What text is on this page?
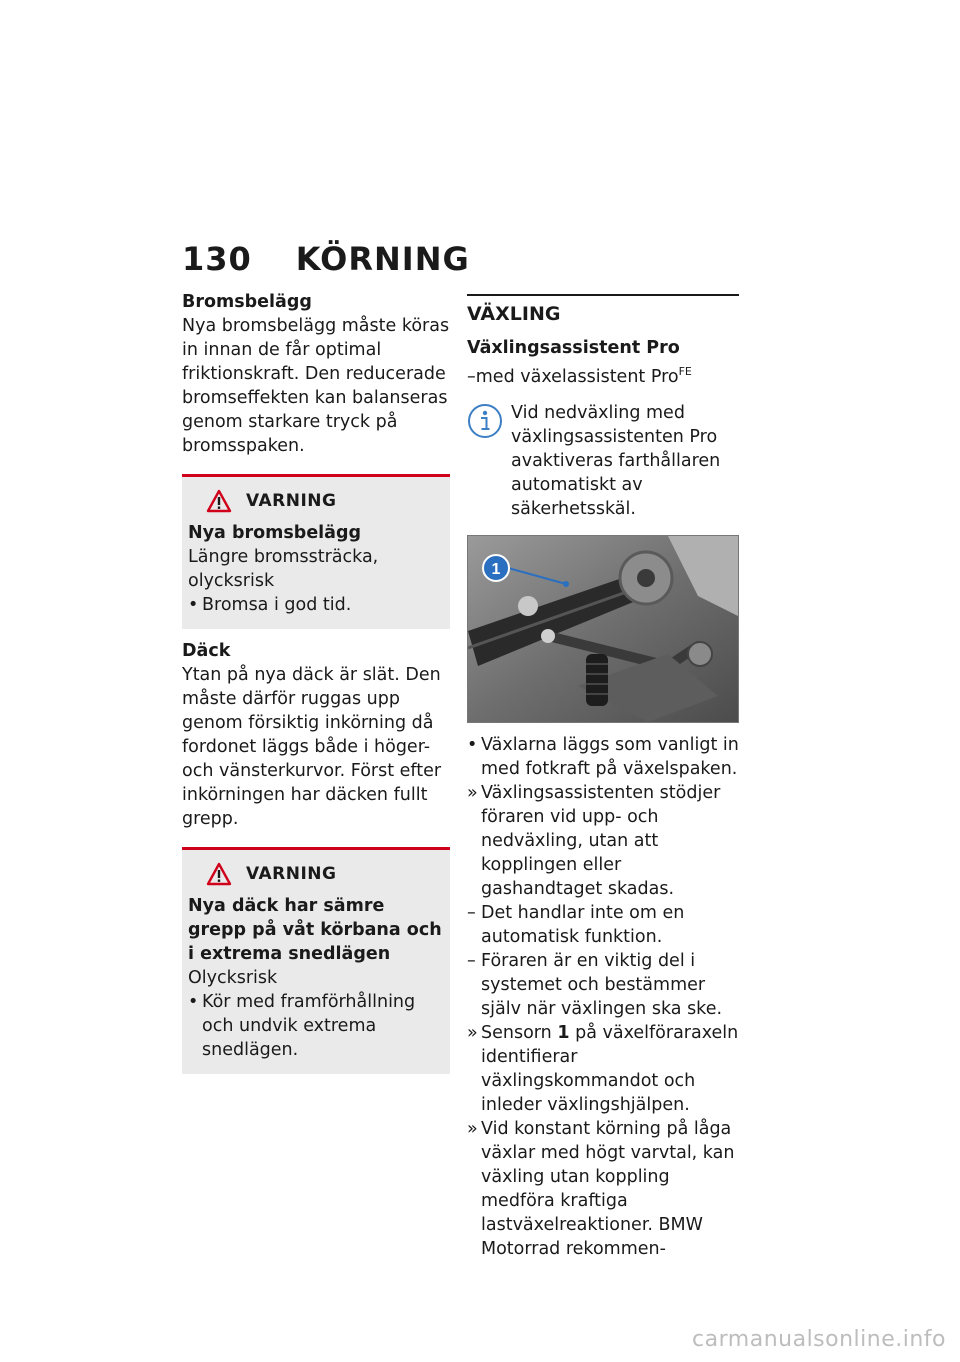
130 KÖRNING

Bromsbelägg

Nya bromsbelägg måste köras in innan de får optimal friktionskraft. Den reducerade bromseffekten kan balanseras genom starkare tryck på bromsspaken.

VARNING

Nya bromsbelägg

Längre bromssträcka, olycksrisk

• Bromsa i god tid.

Däck

Ytan på nya däck är slät. Den måste därför ruggas upp genom försiktig inkörning då fordonet läggs både i höger- och vänsterkurvor. Först efter inkörningen har däcken fullt grepp.

VARNING

Nya däck har sämre grepp på våt körbana och i extrema snedlägen

Olycksrisk

• Kör med framförhållning och undvik extrema snedlägen.

VÄXLING

Växlingsassistent Pro

–med växelassistent Pro$^{FE}$

Vid nedväxling med växlingsassistenten Pro avaktiveras farthållaren automatiskt av säkerhetsskäl.

1
• Växlarna läggs som vanligt in med fotkraft på växelspaken.
» Växlingsassistenten stödjer föraren vid upp- och nedväxling, utan att kopplingen eller gashandtaget skadas.
– Det handlar inte om en automatisk funktion.
– Föraren är en viktig del i systemet och bestämmer själv när växlingen ska ske.
» Sensorn 1 på växelföraraxeln identifierar växlingskommandot och inleder växlingshjälpen.
» Vid konstant körning på låga växlar med högt varvtal, kan växling utan koppling medföra kraftiga lastväxelreaktioner. BMW Motorrad rekommen-
carmanualsonline.info
